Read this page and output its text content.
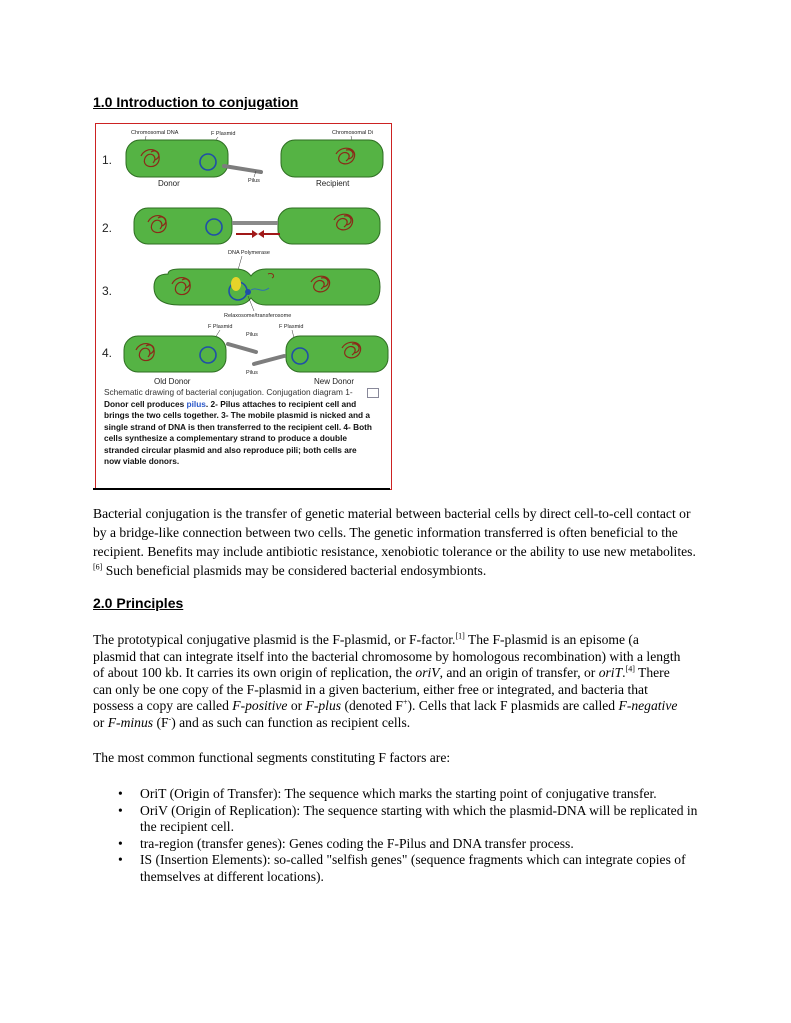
1.0 Introduction to conjugation
Chromosomal DNA	F Plasmid	Chromosomal Di
1.
2.
3.
4.
Pilus
Donor	Recipient
DNA Polymerase
Relaxosome/transferosome
F Plasmid	F Plasmid
Pilus
Pilus
Old Donor	New Donor
Schematic drawing of bacterial conjugation. Conjugation diagram 1- Donor cell produces pilus. 2- Pilus attaches to recipient cell and brings the two cells together. 3- The mobile plasmid is nicked and a single strand of DNA is then transferred to the recipient cell. 4- Both cells synthesize a complementary strand to produce a double stranded circular plasmid and also reproduce pili; both cells are now viable donors.
Bacterial conjugation is the transfer of genetic material between bacterial cells by direct cell-to-cell contact or by a bridge-like connection between two cells. The genetic information transferred is often beneficial to the recipient. Benefits may include antibiotic resistance, xenobiotic tolerance or the ability to use new metabolites.[6] Such beneficial plasmids may be considered bacterial endosymbionts.
2.0 Principles
The prototypical conjugative plasmid is the F-plasmid, or F-factor.[1] The F-plasmid is an episome (a plasmid that can integrate itself into the bacterial chromosome by homologous recombination) with a length of about 100 kb. It carries its own origin of replication, the oriV, and an origin of transfer, or oriT.[4] There can only be one copy of the F-plasmid in a given bacterium, either free or integrated, and bacteria that possess a copy are called F-positive or F-plus (denoted F+). Cells that lack F plasmids are called F-negative or F-minus (F-) and as such can function as recipient cells.
The most common functional segments constituting F factors are:
• OriT (Origin of Transfer): The sequence which marks the starting point of conjugative transfer.
• OriV (Origin of Replication): The sequence starting with which the plasmid-DNA will be replicated in the recipient cell.
• tra-region (transfer genes): Genes coding the F-Pilus and DNA transfer process.
• IS (Insertion Elements): so-called "selfish genes" (sequence fragments which can integrate copies of themselves at different locations).
